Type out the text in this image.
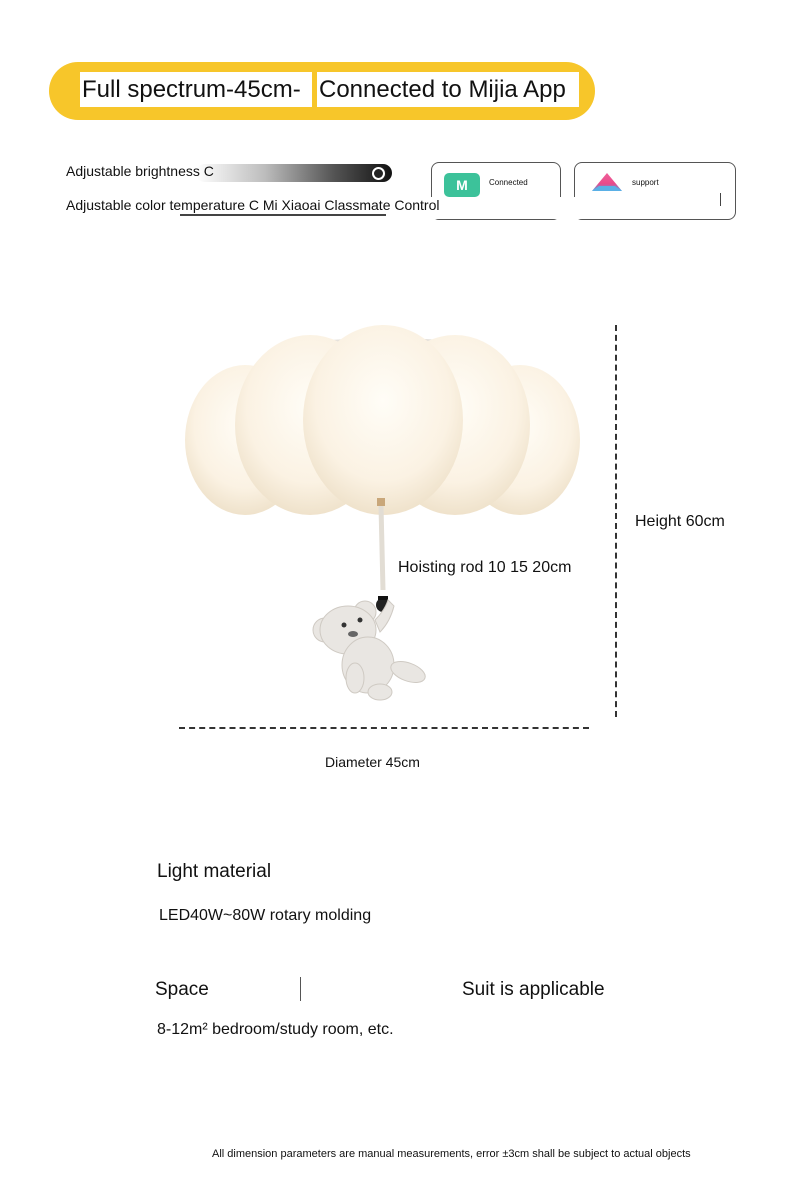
Full spectrum-45cm- Connected to Mijia App
Adjustable brightness C
M	Connected	support
Adjustable color temperature C Mi Xiaoai Classmate Control
Height 60cm
Hoisting rod 10 15 20cm
Diameter 45cm
Light material
LED40W~80W rotary molding
Space	Suit is applicable
8-12m² bedroom/study room, etc.
All dimension parameters are manual measurements, error ±3cm shall be subject to actual objects
